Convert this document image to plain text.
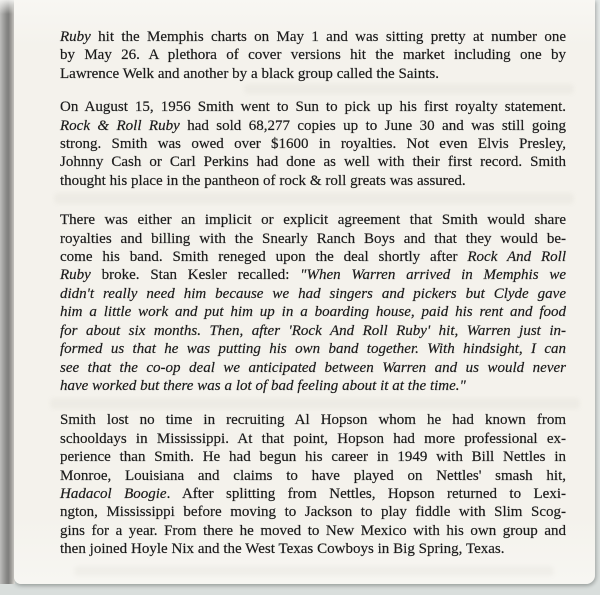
Ruby hit the Memphis charts on May 1 and was sitting pretty at number one
by May 26. A plethora of cover versions hit the market including one by
Lawrence Welk and another by a black group called the Saints.
On August 15, 1956 Smith went to Sun to pick up his first royalty statement.
Rock & Roll Ruby had sold 68,277 copies up to June 30 and was still going
strong. Smith was owed over $1600 in royalties. Not even Elvis Presley,
Johnny Cash or Carl Perkins had done as well with their first record. Smith
thought his place in the pantheon of rock & roll greats was assured.
There was either an implicit or explicit agreement that Smith would share
royalties and billing with the Snearly Ranch Boys and that they would be-
come his band. Smith reneged upon the deal shortly after Rock And Roll
Ruby broke. Stan Kesler recalled: "When Warren arrived in Memphis we
didn't really need him because we had singers and pickers but Clyde gave
him a little work and put him up in a boarding house, paid his rent and food
for about six months. Then, after 'Rock And Roll Ruby' hit, Warren just in-
formed us that he was putting his own band together. With hindsight, I can
see that the co-op deal we anticipated between Warren and us would never
have worked but there was a lot of bad feeling about it at the time."
Smith lost no time in recruiting Al Hopson whom he had known from
schooldays in Mississippi. At that point, Hopson had more professional ex-
perience than Smith. He had begun his career in 1949 with Bill Nettles in
Monroe, Louisiana and claims to have played on Nettles' smash hit,
Hadacol Boogie. After splitting from Nettles, Hopson returned to Lexi-
ngton, Mississippi before moving to Jackson to play fiddle with Slim Scog-
gins for a year. From there he moved to New Mexico with his own group and
then joined Hoyle Nix and the West Texas Cowboys in Big Spring, Texas.
